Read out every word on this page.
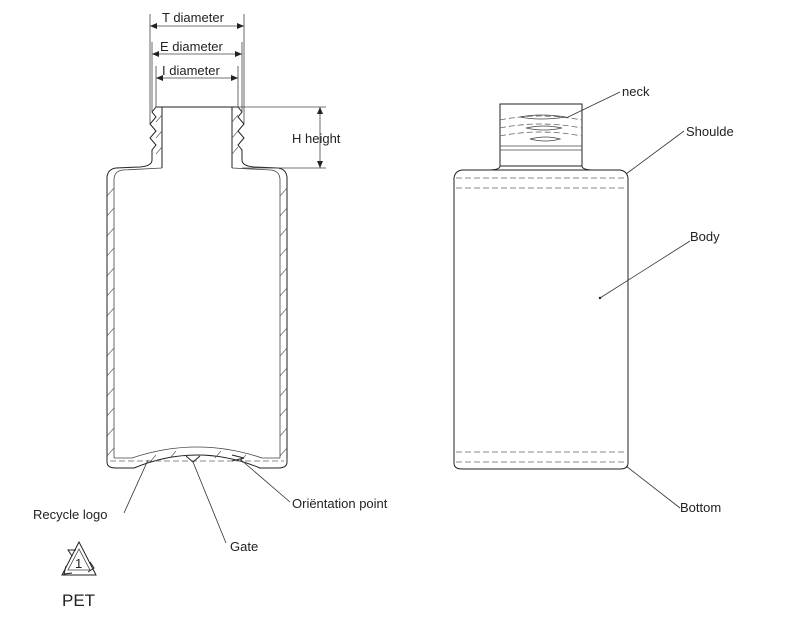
T diameter
E diameter
I diameter
H height
Recycle logo
Gate
Oriëntation point
1
neck
Shoulde
Body
Bottom
PET
